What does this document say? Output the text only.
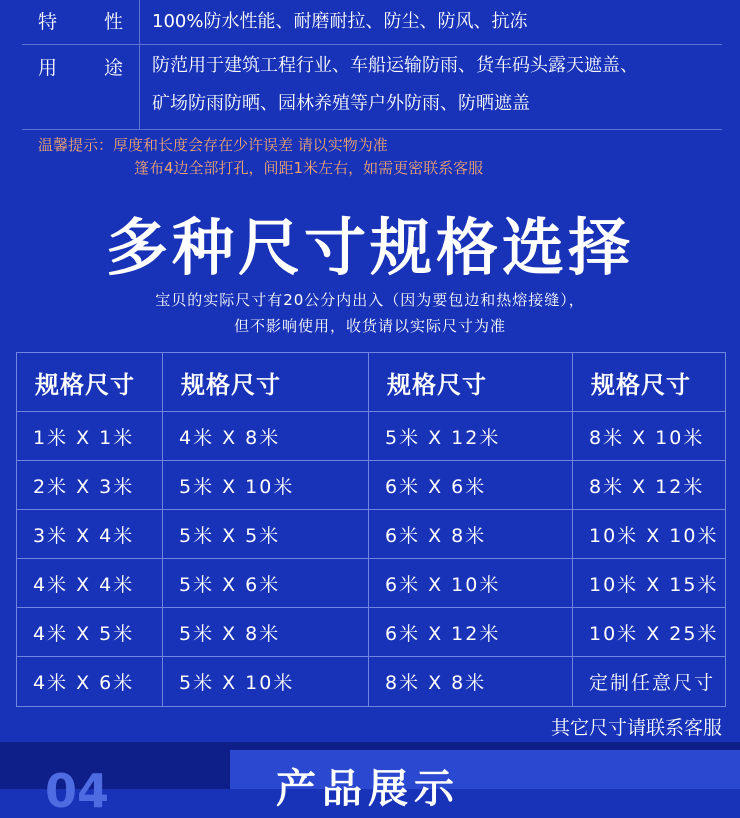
特 性 100%防水性能、耐磨耐拉、防尘、防风、抗冻
用 途 防范用于建筑工程行业、车船运输防雨、货车码头露天遮盖、
矿场防雨防晒、园林养殖等户外防雨、防晒遮盖
温馨提示：厚度和长度会存在少许误差 请以实物为准
篷布4边全部打孔，间距1米左右，如需更密联系客服
多种尺寸规格选择
宝贝的实际尺寸有20公分内出入（因为要包边和热熔接缝），
但不影响使用，收货请以实际尺寸为准
规格尺寸	规格尺寸	规格尺寸	规格尺寸
1米 X 1米	4米 X 8米	5米 X 12米	8米 X 10米
2米 X 3米	5米 X 10米	6米 X 6米	8米 X 12米
3米 X 4米	5米 X 5米	6米 X 8米	10米 X 10米
4米 X 4米	5米 X 6米	6米 X 10米	10米 X 15米
4米 X 5米	5米 X 8米	6米 X 12米	10米 X 25米
4米 X 6米	5米 X 10米	8米 X 8米	定制任意尺寸
其它尺寸请联系客服
04	产品展示
